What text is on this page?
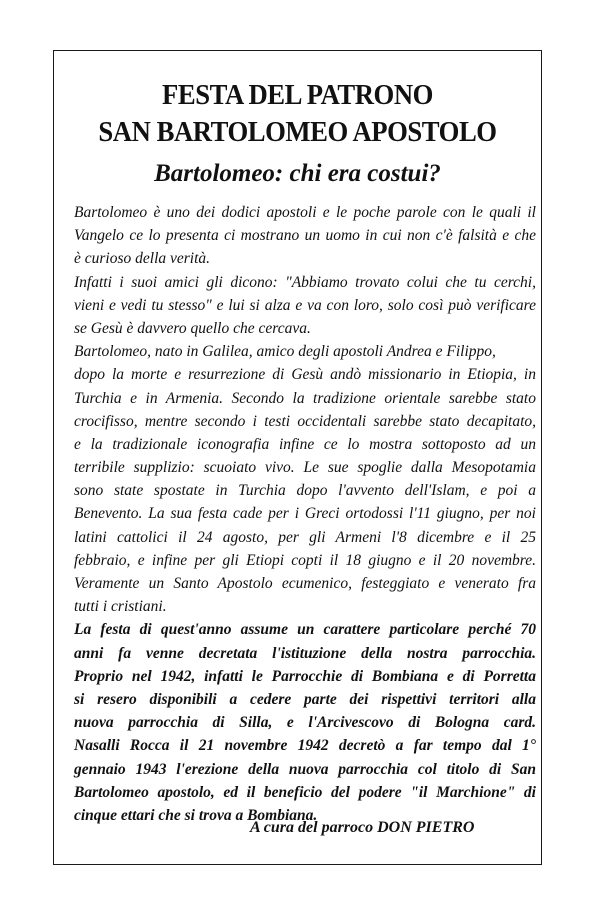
FESTA DEL PATRONO
SAN BARTOLOMEO APOSTOLO
Bartolomeo: chi era costui?
Bartolomeo è uno dei dodici apostoli e le poche parole con le quali il
Vangelo ce lo presenta ci mostrano un uomo in cui non c'è falsità e che
è curioso della verità.
Infatti i suoi amici gli dicono: "Abbiamo trovato colui che tu cerchi,
vieni e vedi tu stesso" e lui si alza e va con loro, solo così può verificare
se Gesù è davvero quello che cercava.
Bartolomeo, nato in Galilea, amico degli apostoli Andrea e Filippo,
dopo la morte e resurrezione di Gesù andò missionario in Etiopia, in
Turchia e in Armenia. Secondo la tradizione orientale sarebbe stato
crocifisso, mentre secondo i testi occidentali sarebbe stato decapitato,
e la tradizionale iconografia infine ce lo mostra sottoposto ad un
terribile supplizio: scuoiato vivo. Le sue spoglie dalla Mesopotamia
sono state spostate in Turchia dopo l'avvento dell'Islam, e poi a
Benevento. La sua festa cade per i Greci ortodossi l'11 giugno, per noi
latini cattolici il 24 agosto, per gli Armeni l'8 dicembre e il 25
febbraio, e infine per gli Etiopi copti il 18 giugno e il 20 novembre.
Veramente un Santo Apostolo ecumenico, festeggiato e venerato fra
tutti i cristiani.
La festa di quest'anno assume un carattere particolare perché 70
anni fa venne decretata l'istituzione della nostra parrocchia.
Proprio nel 1942, infatti le Parrocchie di Bombiana e di Porretta
si resero disponibili a cedere parte dei rispettivi territori alla
nuova parrocchia di Silla, e l'Arcivescovo di Bologna card.
Nasalli Rocca il 21 novembre 1942 decretò a far tempo dal 1°
gennaio 1943 l'erezione della nuova parrocchia col titolo di San
Bartolomeo apostolo, ed il beneficio del podere "il Marchione" di
cinque ettari che si trova a Bombiana.
A cura del parroco DON PIETRO
